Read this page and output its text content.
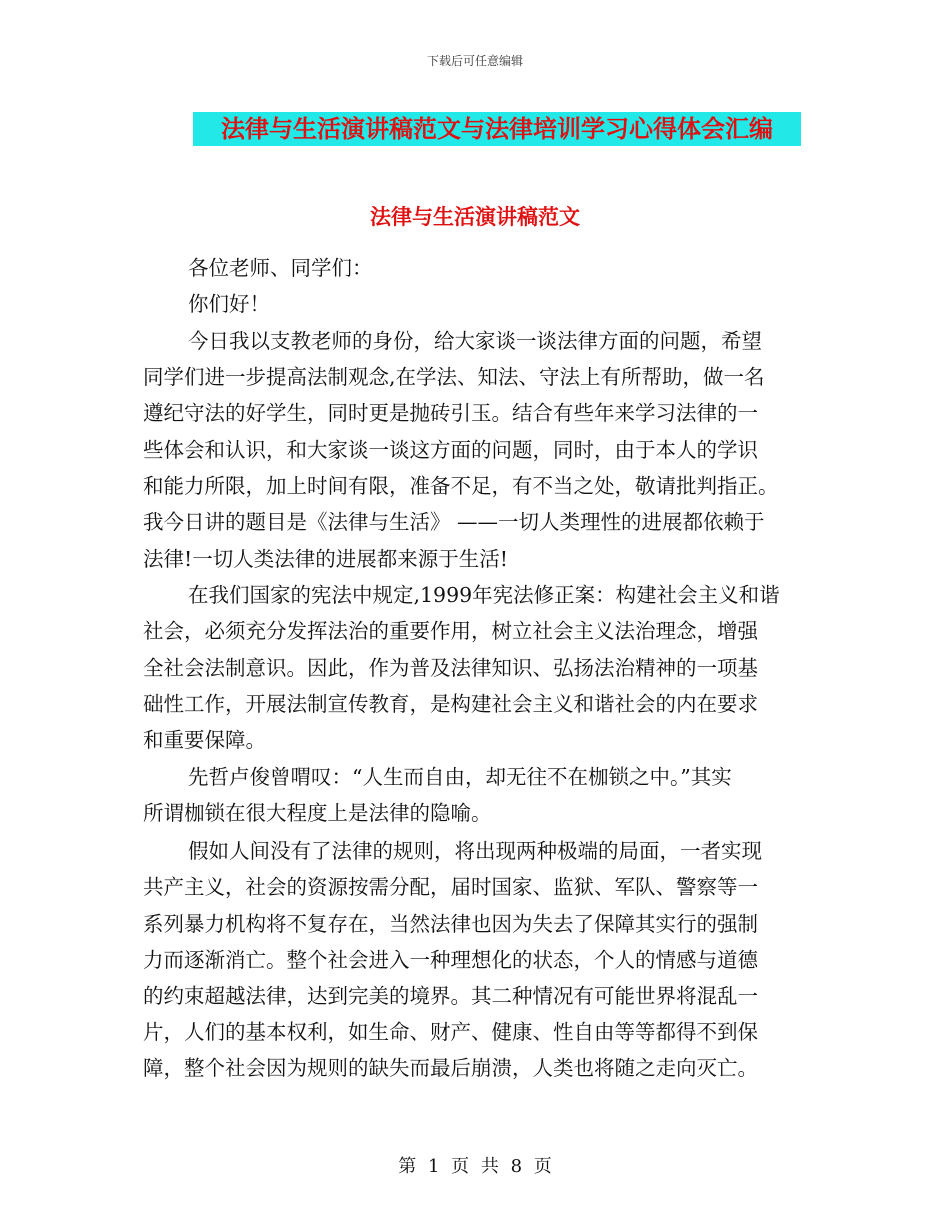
下载后可任意编辑
法律与生活演讲稿范文与法律培训学习心得体会汇编
法律与生活演讲稿范文
各位老师、同学们：
你们好！
今日我以支教老师的身份，给大家谈一谈法律方面的问题，希望
同学们进一步提高法制观念,在学法、知法、守法上有所帮助，做一名
遵纪守法的好学生，同时更是抛砖引玉。结合有些年来学习法律的一
些体会和认识，和大家谈一谈这方面的问题，同时，由于本人的学识
和能力所限，加上时间有限，准备不足，有不当之处，敬请批判指正。
我今日讲的题目是《法律与生活》 ——一切人类理性的进展都依赖于
法律!一切人类法律的进展都来源于生活!
在我们国家的宪法中规定,1999年宪法修正案：构建社会主义和谐
社会，必须充分发挥法治的重要作用，树立社会主义法治理念，增强
全社会法制意识。因此，作为普及法律知识、弘扬法治精神的一项基
础性工作，开展法制宣传教育，是构建社会主义和谐社会的内在要求
和重要保障。
先哲卢俊曾喟叹：“人生而自由，却无往不在枷锁之中。”其实
所谓枷锁在很大程度上是法律的隐喻。
假如人间没有了法律的规则，将出现两种极端的局面，一者实现
共产主义，社会的资源按需分配，届时国家、监狱、军队、警察等一
系列暴力机构将不复存在，当然法律也因为失去了保障其实行的强制
力而逐渐消亡。整个社会进入一种理想化的状态，个人的情感与道德
的约束超越法律，达到完美的境界。其二种情况有可能世界将混乱一
片，人们的基本权利，如生命、财产、健康、性自由等等都得不到保
障，整个社会因为规则的缺失而最后崩溃，人类也将随之走向灭亡。
第 1 页 共 8 页
